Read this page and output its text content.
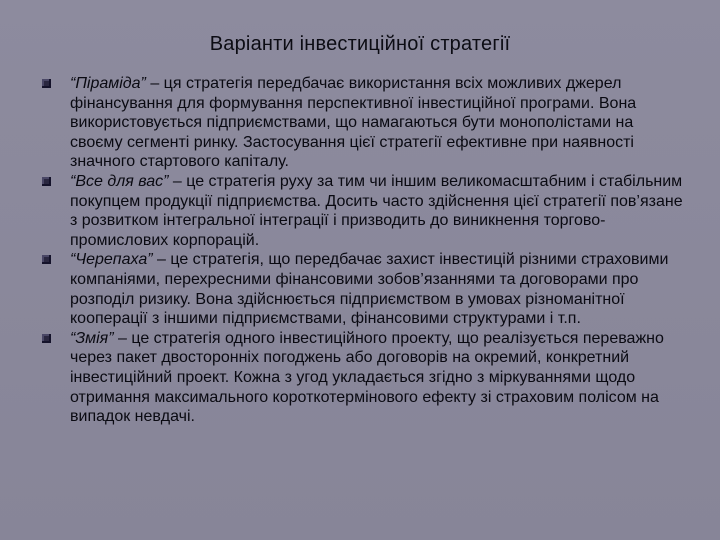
Варіанти інвестиційної стратегії
“Піраміда” – ця стратегія передбачає використання всіх можливих джерел фінансування для формування перспективної інвестиційної програми. Вона використовується підприємствами, що намагаються бути монополістами на своєму сегменті ринку. Застосування цієї стратегії ефективне при наявності значного стартового капіталу.
“Все для вас” – це стратегія руху за тим чи іншим великомасштабним і стабільним покупцем продукції підприємства. Досить часто здійснення цієї стратегії пов’язане з розвитком інтегральної інтеграції і призводить до виникнення торгово-промислових корпорацій.
“Черепаха” – це стратегія, що передбачає захист інвестицій різними страховими компаніями, перехресними фінансовими зобов’язаннями та договорами про розподіл ризику. Вона здійснюється підприємством в умовах різноманітної кооперації з іншими підприємствами, фінансовими структурами і т.п.
“Змія” – це стратегія одного інвестиційного проекту, що реалізується переважно через пакет двосторонніх погоджень або договорів на окремий, конкретний інвестиційний проект. Кожна з угод укладається згідно з міркуваннями щодо отримання максимального короткотермінового ефекту зі страховим полісом на випадок невдачі.
